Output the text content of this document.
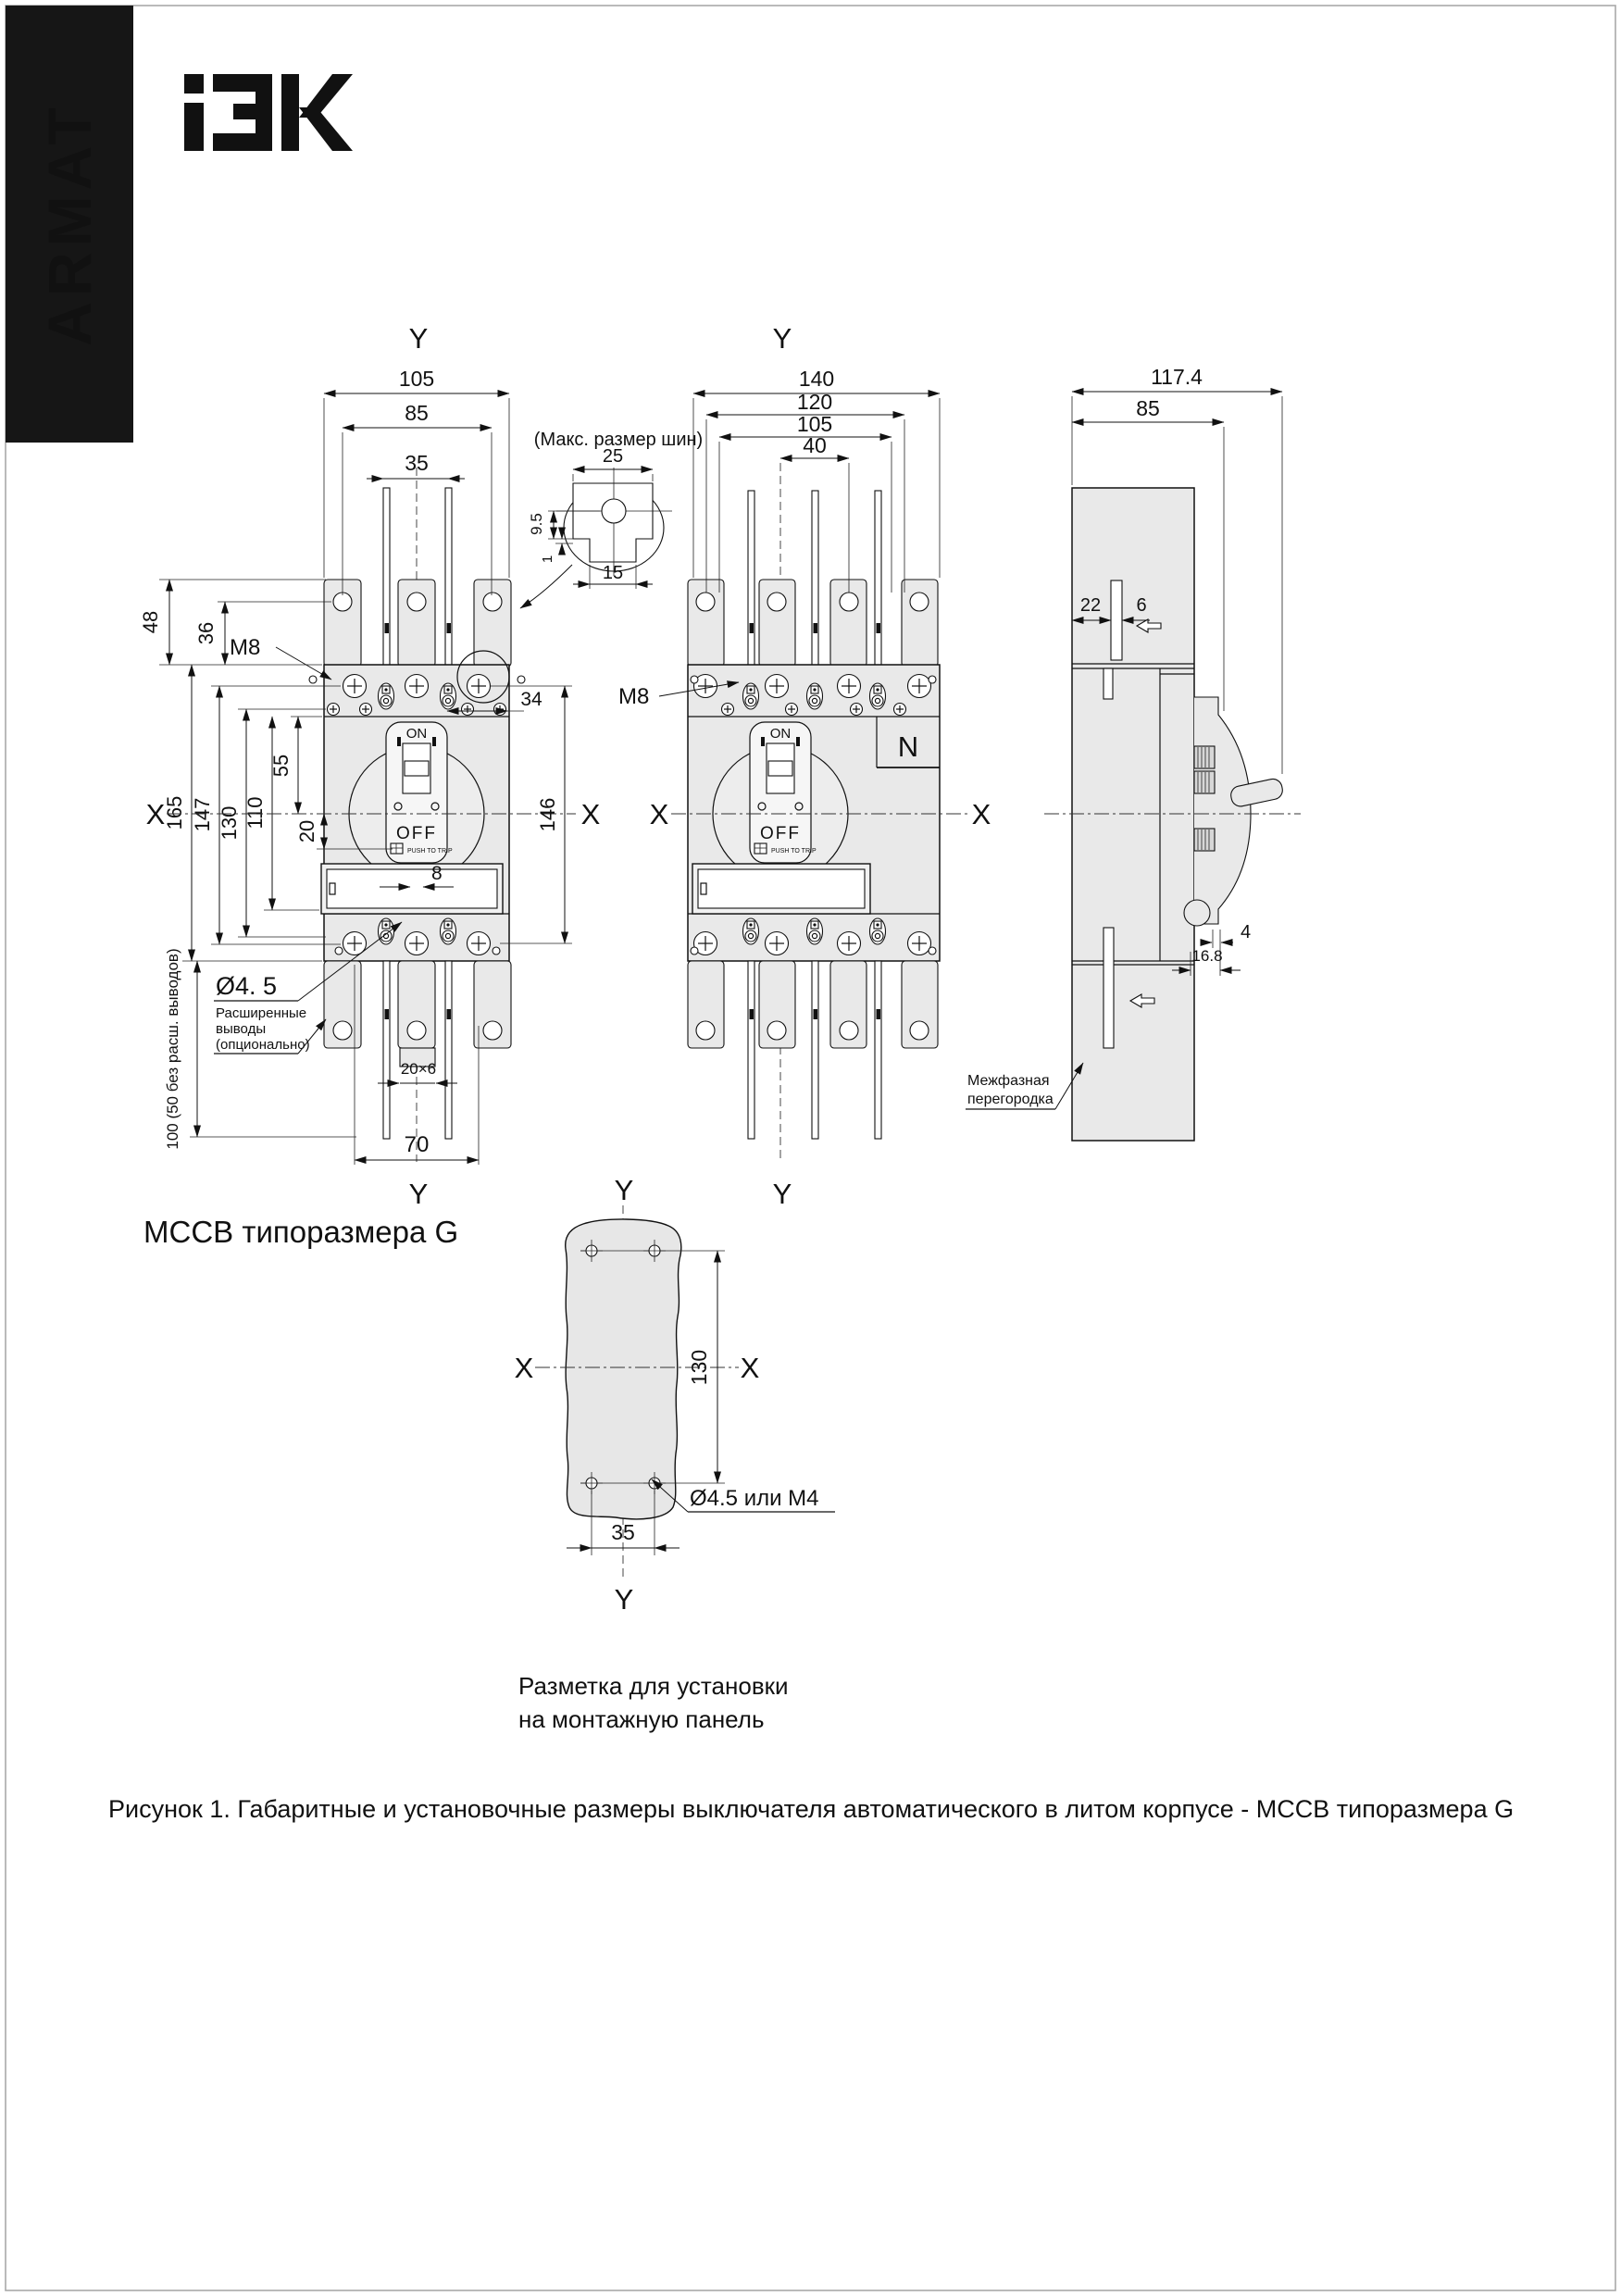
ARMAT	Y
ON
OFF
PUSH TO TRIP
8
105
85
35
48 36
M8
165 147 130 110
55
20
X	X
146
34
Ø4. 5
Расширенные
выводы
(опционально)
100 (50 без расш. выводов)	20×6
70
Y
МССВ типоразмера G
(Макс. размер шин)
25
15
9.5
1
Y
N
ON
OFF
PUSH TO TRIP
140
120
105
40
M8
X	X
Y
117.4
85
22 6
4
16.8
Межфазная
перегородка
Y
X	X
130
Ø4.5 или М4
35
Y
Разметка для установки
на монтажную панель
Рисунок 1. Габаритные и установочные размеры выключателя автоматического в литом корпусе - МССВ типоразмера G
